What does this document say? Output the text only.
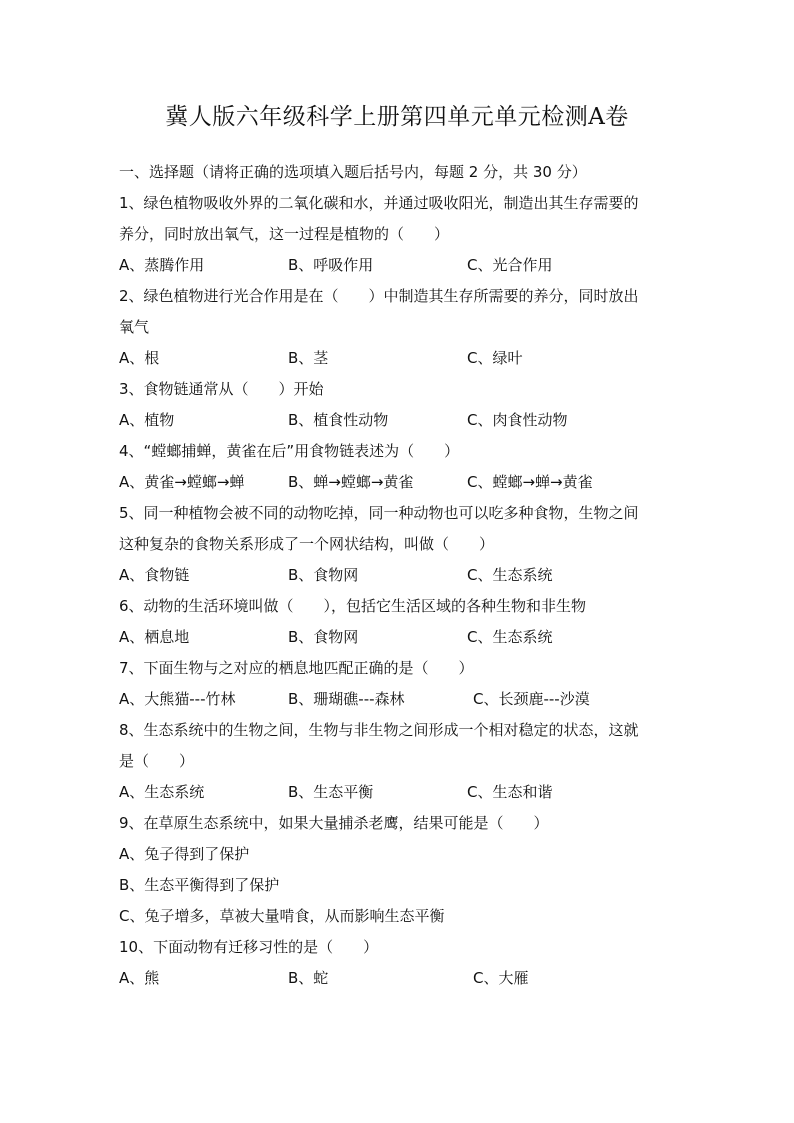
冀人版六年级科学上册第四单元单元检测A卷
一、选择题（请将正确的选项填入题后括号内，每题 2 分，共 30 分）
1、绿色植物吸收外界的二氧化碳和水，并通过吸收阳光，制造出其生存需要的
养分，同时放出氧气，这一过程是植物的（　　）
A、蒸腾作用	B、呼吸作用	C、光合作用
2、绿色植物进行光合作用是在（　　）中制造其生存所需要的养分，同时放出
氧气
A、根	B、茎	C、绿叶
3、食物链通常从（　　）开始
A、植物	B、植食性动物	C、肉食性动物
4、“螳螂捕蝉，黄雀在后”用食物链表述为（　　）
A、黄雀→螳螂→蝉	B、蝉→螳螂→黄雀	C、螳螂→蝉→黄雀
5、同一种植物会被不同的动物吃掉，同一种动物也可以吃多种食物，生物之间
这种复杂的食物关系形成了一个网状结构，叫做（　　）
A、食物链	B、食物网	C、生态系统
6、动物的生活环境叫做（　　），包括它生活区域的各种生物和非生物
A、栖息地	B、食物网	C、生态系统
7、下面生物与之对应的栖息地匹配正确的是（　　）
A、大熊猫---竹林	B、珊瑚礁---森林	C、长颈鹿---沙漠
8、生态系统中的生物之间，生物与非生物之间形成一个相对稳定的状态，这就
是（　　）
A、生态系统	B、生态平衡	C、生态和谐
9、在草原生态系统中，如果大量捕杀老鹰，结果可能是（　　）
A、兔子得到了保护
B、生态平衡得到了保护
C、兔子增多，草被大量啃食，从而影响生态平衡
10、下面动物有迁移习性的是（　　）
A、熊	B、蛇	C、大雁
